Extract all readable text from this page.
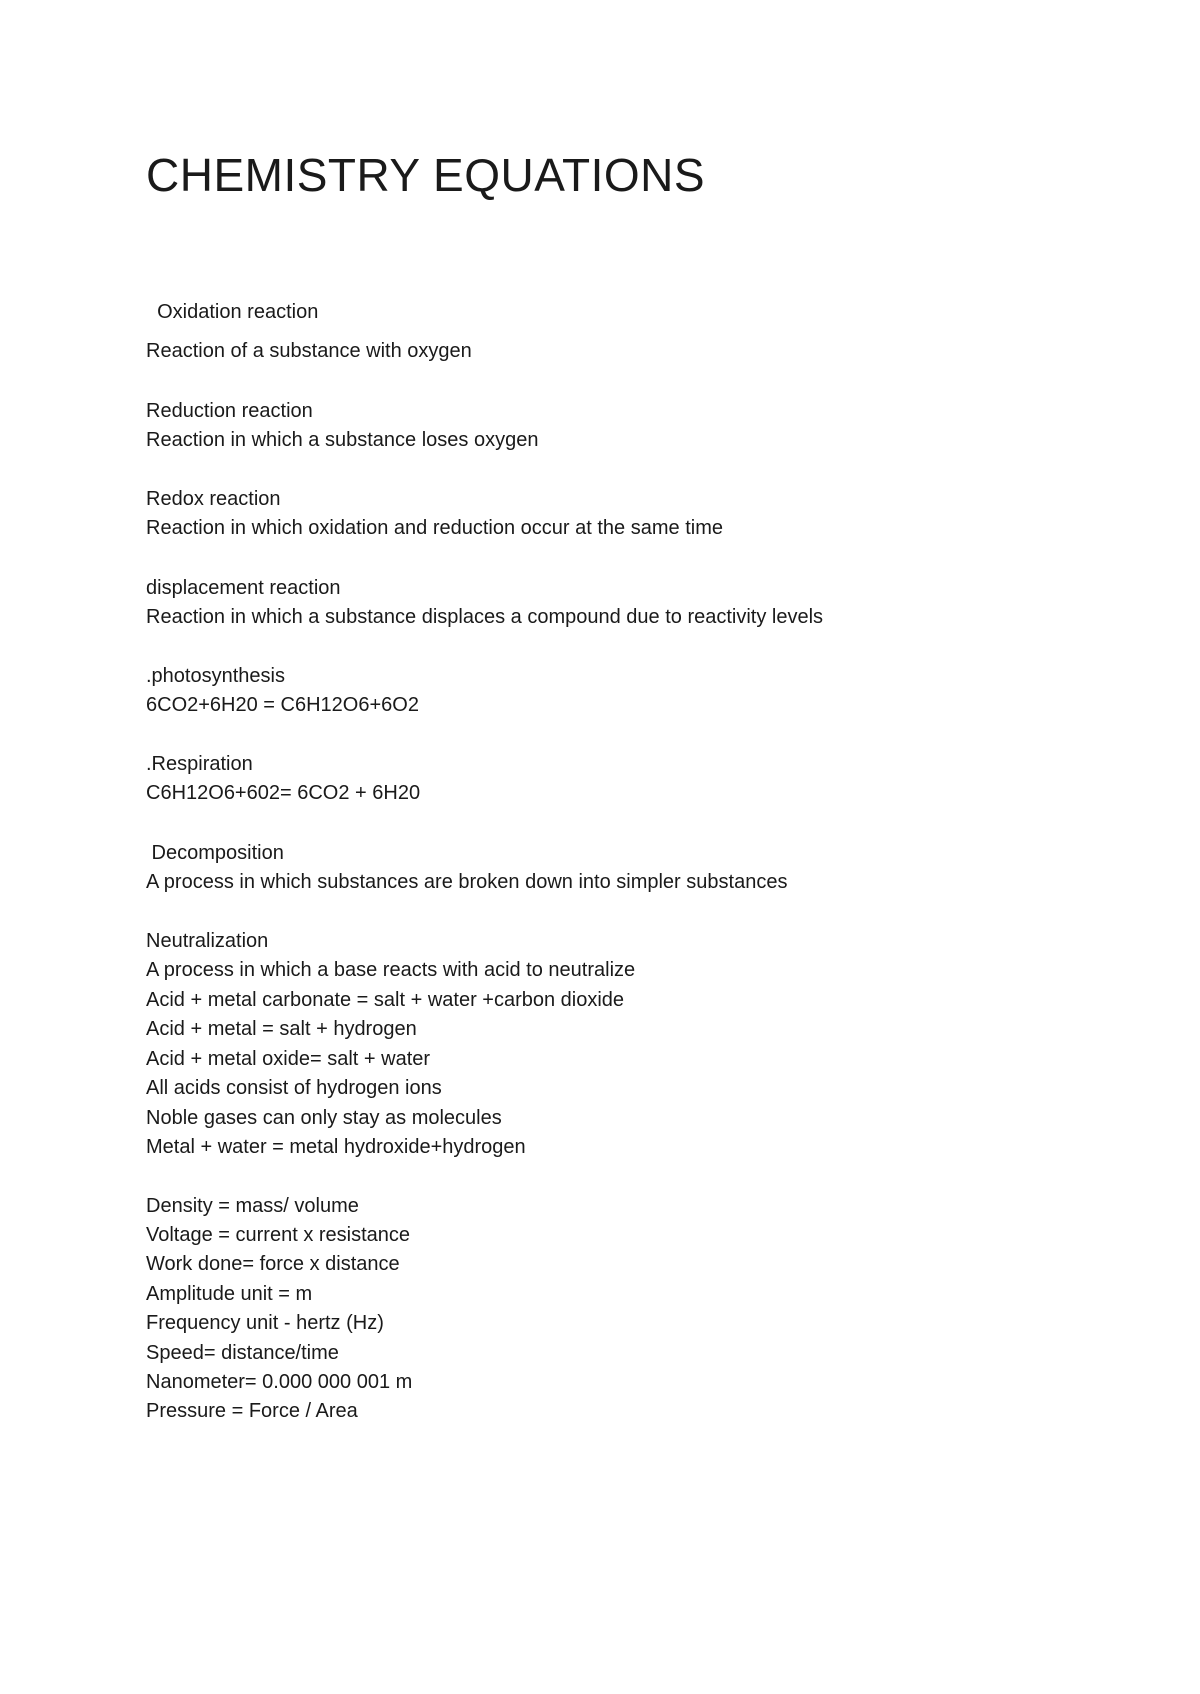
CHEMISTRY EQUATIONS
Oxidation reaction
Reaction of a substance with oxygen
Reduction reaction
Reaction in which a substance loses oxygen
Redox reaction
Reaction in which oxidation and reduction occur at the same time
displacement reaction
Reaction in which a substance displaces a compound due to reactivity levels
.photosynthesis
6CO2+6H20 = C6H12O6+6O2
.Respiration
C6H12O6+602= 6CO2 + 6H20
Decomposition
A process in which substances are broken down into simpler substances
Neutralization
A process in which a base reacts with acid to neutralize
Acid + metal carbonate = salt + water +carbon dioxide
Acid + metal = salt + hydrogen
Acid + metal oxide= salt + water
All acids consist of hydrogen ions
Noble gases can only stay as molecules
Metal + water = metal hydroxide+hydrogen
Density = mass/ volume
Voltage = current x resistance
Work done= force x distance
Amplitude unit = m
Frequency unit - hertz (Hz)
Speed= distance/time
Nanometer= 0.000 000 001 m
Pressure = Force / Area
